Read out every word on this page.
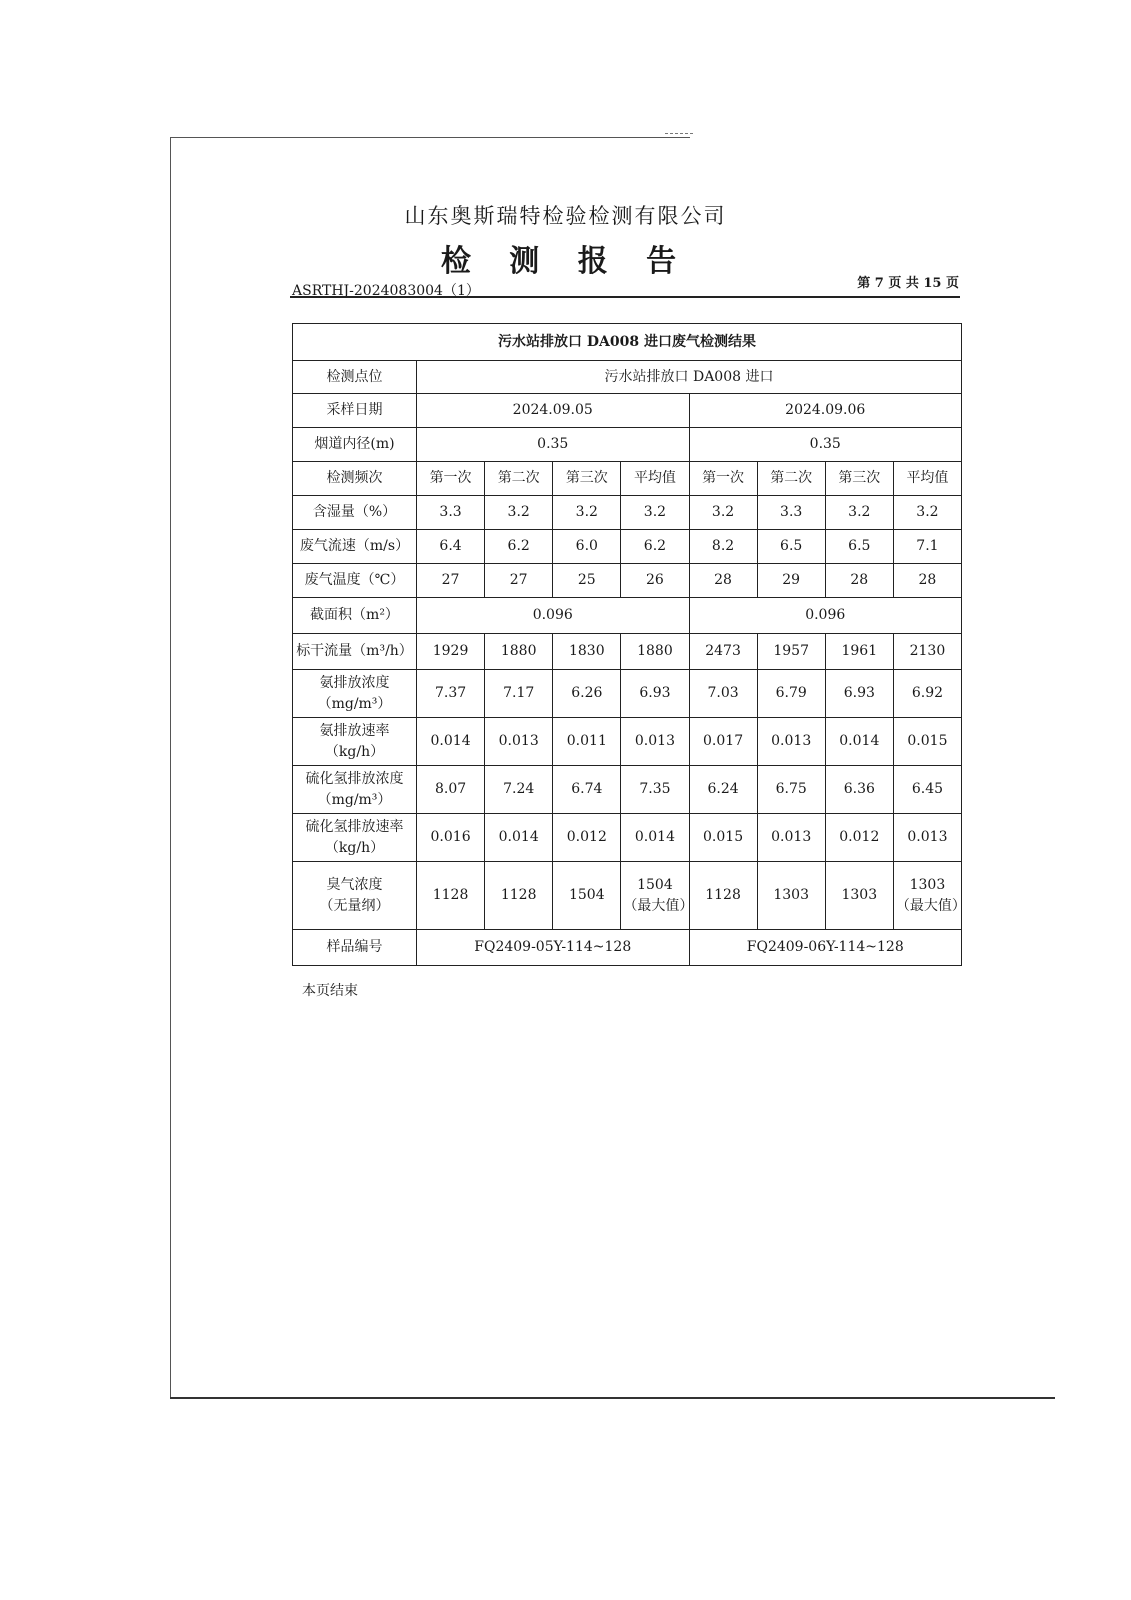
山东奥斯瑞特检验检测有限公司
检 测 报 告
ASRTHJ-2024083004（1）	第 7 页 共 15 页
污水站排放口 DA008 进口废气检测结果								
检测点位	污水站排放口 DA008 进口							
采样日期	2024.09.05				2024.09.06			
烟道内径(m)	0.35				0.35			
检测频次	第一次	第二次	第三次	平均值	第一次	第二次	第三次	平均值
含湿量（%）	3.3	3.2	3.2	3.2	3.2	3.3	3.2	3.2
废气流速（m/s）	6.4	6.2	6.0	6.2	8.2	6.5	6.5	7.1
废气温度（℃）	27	27	25	26	28	29	28	28
截面积（m²）	0.096				0.096			
标干流量（m³/h）	1929	1880	1830	1880	2473	1957	1961	2130

氨排放浓度
（mg/m³）	7.37	7.17	6.26	6.93	7.03	6.79	6.93	6.92

氨排放速率
（kg/h）	0.014	0.013	0.011	0.013	0.017	0.013	0.014	0.015

硫化氢排放浓度
（mg/m³）	8.07	7.24	6.74	7.35	6.24	6.75	6.36	6.45

硫化氢排放速率
（kg/h）	0.016	0.014	0.012	0.014	0.015	0.013	0.012	0.013

臭气浓度
（无量纲）	1128	1128	1504	1504（最大值）	1128	1303	1303	1303（最大值）
样品编号	FQ2409-05Y-114~128				FQ2409-06Y-114~128			
本页结束
